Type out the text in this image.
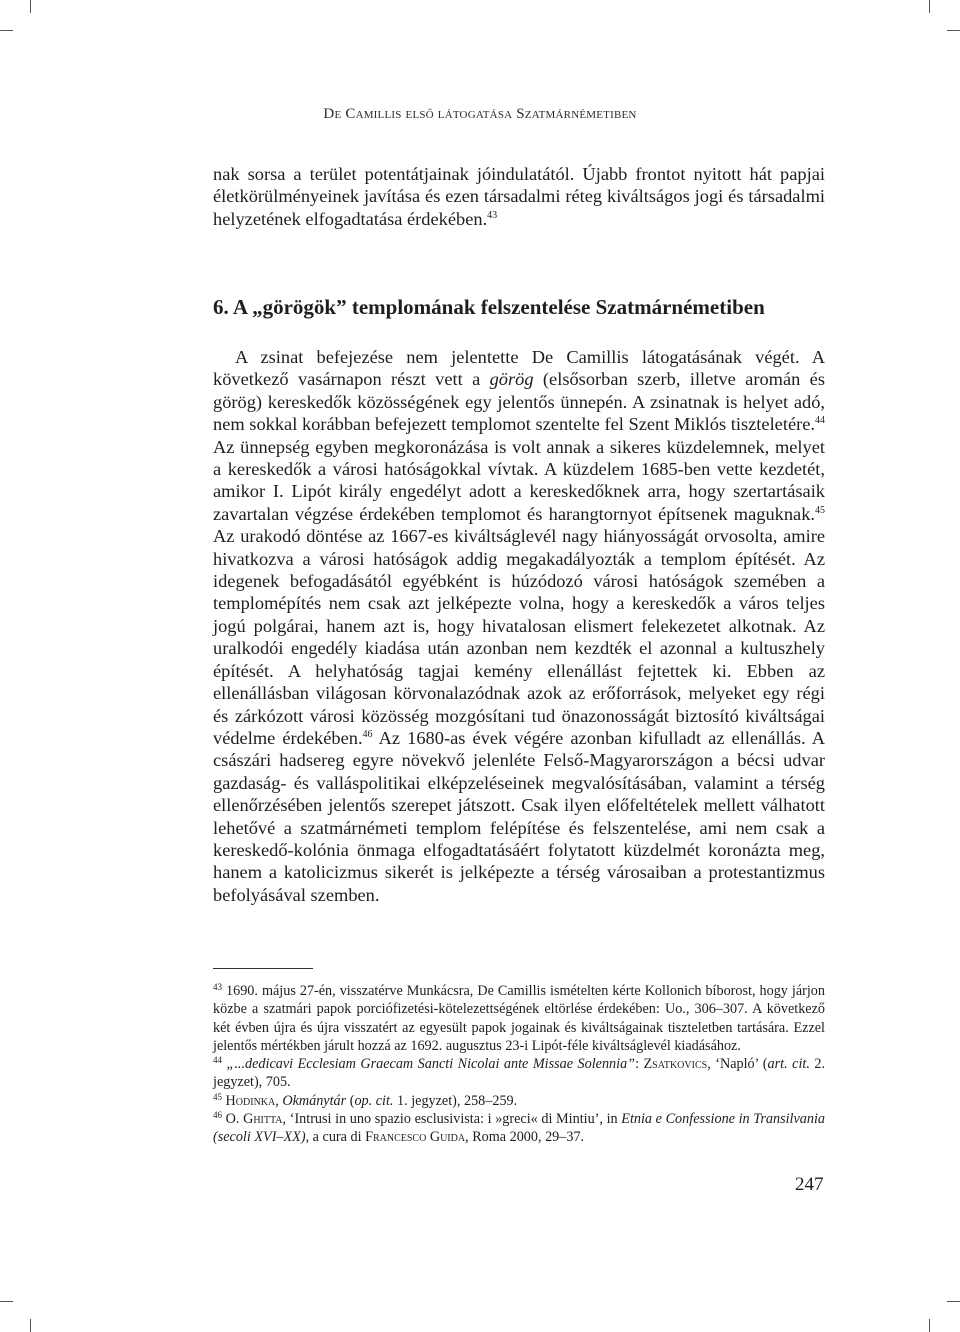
De Camillis első látogatása Szatmárnémetiben

nak sorsa a terület potentátjainak jóindulatától. Újabb frontot nyitott hát papjai életkörülményeinek javítása és ezen társadalmi réteg kiváltságos jogi és társadalmi helyzetének elfogadtatása érdekében.$^{43}$

6. A „görögök” templomának felszentelése Szatmárnémetiben

A zsinat befejezése nem jelentette De Camillis látogatásának végét. A következő vasárnapon részt vett a görög (elsősorban szerb, illetve aromán és görög) kereskedők közösségének egy jelentős ünnepén. A zsinatnak is helyet adó, nem sokkal korábban befejezett templomot szentelte fel Szent Miklós tiszteletére.$^{44}$ Az ünnepség egyben megkoronázása is volt annak a sikeres küzdelemnek, melyet a kereskedők a városi hatóságokkal vívtak. A küzdelem 1685-ben vette kezdetét, amikor I. Lipót király engedélyt adott a kereskedőknek arra, hogy szertartásaik zavartalan végzése érdekében templomot és harangtornyot építsenek maguknak.$^{45}$ Az urakodó döntése az 1667-es kiváltságlevél nagy hiányosságát orvosolta, amire hivatkozva a városi hatóságok addig megakadályozták a templom építését. Az idegenek befogadásától egyébként is húzódozó városi hatóságok szemében a templomépítés nem csak azt jelképezte volna, hogy a kereskedők a város teljes jogú polgárai, hanem azt is, hogy hivatalosan elismert felekezetet alkotnak. Az uralkodói engedély kiadása után azonban nem kezdték el azonnal a kultuszhely építését. A helyhatóság tagjai kemény ellenállást fejtettek ki. Ebben az ellenállásban világosan körvonalazódnak azok az erőforrások, melyeket egy régi és zárkózott városi közösség mozgósítani tud önazonosságát biztosító kiváltságai védelme érdekében.$^{46}$ Az 1680-as évek végére azonban kifulladt az ellenállás. A császári hadsereg egyre növekvő jelenléte Felső-Magyarországon a bécsi udvar gazdaság- és valláspolitikai elképzeléseinek megvalósításában, valamint a térség ellenőrzésében jelentős szerepet játszott. Csak ilyen előfeltételek mellett válhatott lehetővé a szatmárnémeti templom felépítése és felszentelése, ami nem csak a kereskedő-kolónia önmaga elfogadtatásáért folytatott küzdelmét koronázta meg, hanem a katolicizmus sikerét is jelképezte a térség városaiban a protestantizmus befolyásával szemben.

$^{43}$ 1690. május 27-én, visszatérve Munkácsra, De Camillis ismételten kérte Kollonich bíborost, hogy járjon közbe a szatmári papok porciófizetési-kötelezettségének eltörlése érdekében: Uo., 306–307. A következő két évben újra és újra visszatért az egyesült papok jogainak és kiváltságainak tiszteletben tartására. Ezzel jelentős mértékben járult hozzá az 1692. augusztus 23-i Lipót-féle kiváltságlevél kiadásához.

$^{44}$ „...dedicavi Ecclesiam Graecam Sancti Nicolai ante Missae Solennia”: Zsatkovics, ‘Napló’ (art. cit. 2. jegyzet), 705.

$^{45}$ Hodinka, Okmánytár (op. cit. 1. jegyzet), 258–259.

$^{46}$ O. Ghitta, ‘Intrusi in uno spazio esclusivista: i »greci« di Mintiu’, in Etnia e Confessione in Transilvania (secoli XVI–XX), a cura di Francesco Guida, Roma 2000, 29–37.

247
